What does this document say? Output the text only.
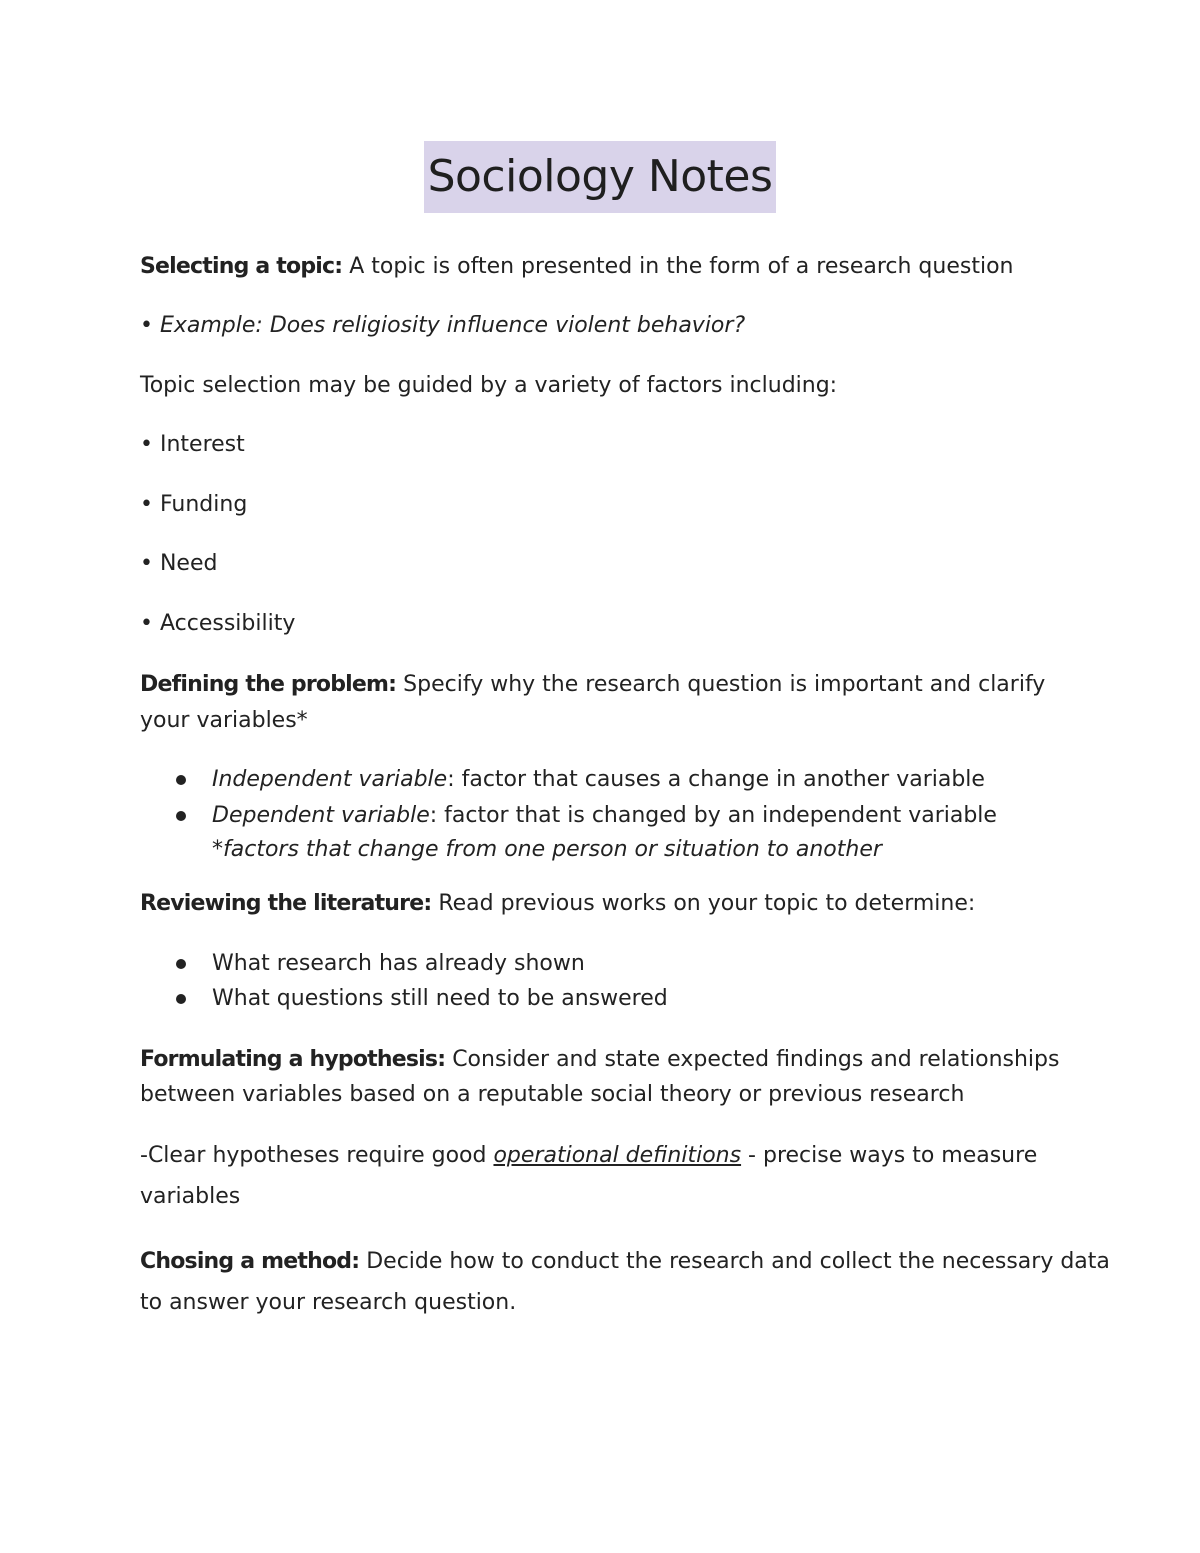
Sociology Notes
Selecting a topic: A topic is often presented in the form of a research question
• Example: Does religiosity influence violent behavior?
Topic selection may be guided by a variety of factors including:
• Interest
• Funding
• Need
• Accessibility
Defining the problem: Specify why the research question is important and clarify
your variables*
Independent variable: factor that causes a change in another variable
Dependent variable: factor that is changed by an independent variable
*factors that change from one person or situation to another
Reviewing the literature: Read previous works on your topic to determine:
What research has already shown
What questions still need to be answered
Formulating a hypothesis: Consider and state expected findings and relationships
between variables based on a reputable social theory or previous research
-Clear hypotheses require good operational definitions - precise ways to measure
variables
Chosing a method: Decide how to conduct the research and collect the necessary data
to answer your research question.
